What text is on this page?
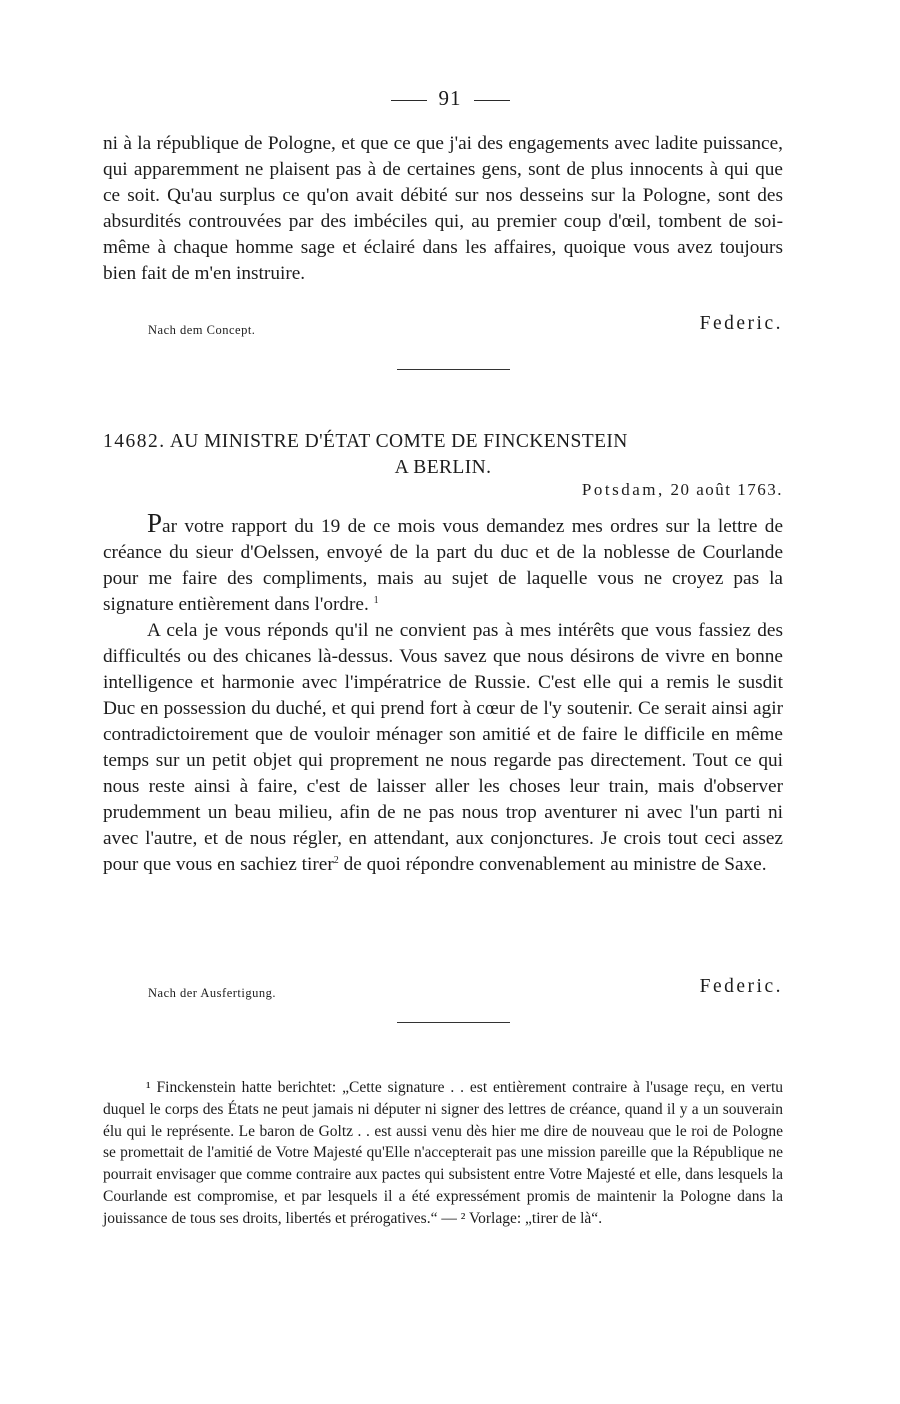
91

ni à la république de Pologne, et que ce que j'ai des engagements avec ladite puissance, qui apparemment ne plaisent pas à de certaines gens, sont de plus innocents à qui que ce soit. Qu'au surplus ce qu'on avait débité sur nos desseins sur la Pologne, sont des absurdités controuvées par des imbéciles qui, au premier coup d'œil, tombent de soi-même à chaque homme sage et éclairé dans les affaires, quoique vous avez toujours bien fait de m'en instruire.

Nach dem Concept.	Federic.
14682. AU MINISTRE D'ÉTAT COMTE DE FINCKENSTEIN
A BERLIN.
Potsdam, 20 août 1763.

Par votre rapport du 19 de ce mois vous demandez mes ordres sur la lettre de créance du sieur d'Oelssen, envoyé de la part du duc et de la noblesse de Courlande pour me faire des compliments, mais au sujet de laquelle vous ne croyez pas la signature entièrement dans l'ordre. $^1$

A cela je vous réponds qu'il ne convient pas à mes intérêts que vous fassiez des difficultés ou des chicanes là-dessus. Vous savez que nous désirons de vivre en bonne intelligence et harmonie avec l'impératrice de Russie. C'est elle qui a remis le susdit Duc en possession du duché, et qui prend fort à cœur de l'y soutenir. Ce serait ainsi agir contradictoirement que de vouloir ménager son amitié et de faire le difficile en même temps sur un petit objet qui proprement ne nous regarde pas directement. Tout ce qui nous reste ainsi à faire, c'est de laisser aller les choses leur train, mais d'observer prudemment un beau milieu, afin de ne pas nous trop aventurer ni avec l'un parti ni avec l'autre, et de nous régler, en attendant, aux conjonctures. Je crois tout ceci assez pour que vous en sachiez tirer$^2$ de quoi répondre convenablement au ministre de Saxe.

Nach der Ausfertigung.	Federic.

¹ Finckenstein hatte berichtet: „Cette signature . . est entièrement contraire à l'usage reçu, en vertu duquel le corps des États ne peut jamais ni députer ni signer des lettres de créance, quand il y a un souverain élu qui le représente. Le baron de Goltz . . est aussi venu dès hier me dire de nouveau que le roi de Pologne se promettait de l'amitié de Votre Majesté qu'Elle n'accepterait pas une mission pareille que la République ne pourrait envisager que comme contraire aux pactes qui subsistent entre Votre Majesté et elle, dans lesquels la Courlande est compromise, et par lesquels il a été expressément promis de maintenir la Pologne dans la jouissance de tous ses droits, libertés et prérogatives.“ — ² Vorlage: „tirer de là“.
